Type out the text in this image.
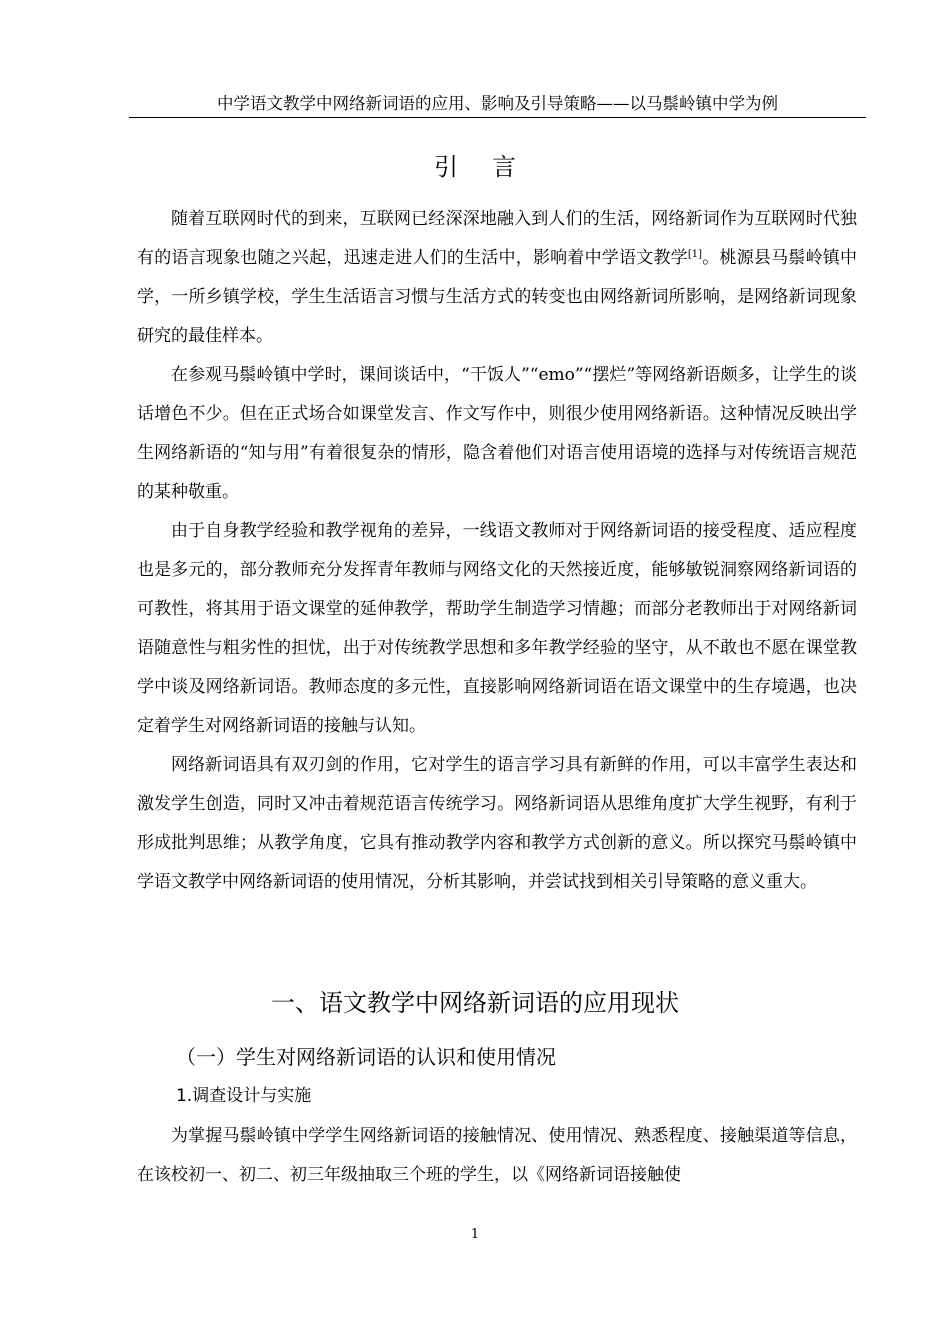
中学语文教学中网络新词语的应用、影响及引导策略——以马鬃岭镇中学为例
引言

随着互联网时代的到来，互联网已经深深地融入到人们的生活，网络新词作为互联网时代独有的语言现象也随之兴起，迅速走进人们的生活中，影响着中学语文教学[1]。桃源县马鬃岭镇中学，一所乡镇学校，学生生活语言习惯与生活方式的转变也由网络新词所影响，是网络新词现象研究的最佳样本。

在参观马鬃岭镇中学时，课间谈话中，“干饭人”“emo”“摆烂”等网络新语颇多，让学生的谈话增色不少。但在正式场合如课堂发言、作文写作中，则很少使用网络新语。这种情况反映出学生网络新语的“知与用”有着很复杂的情形，隐含着他们对语言使用语境的选择与对传统语言规范的某种敬重。

由于自身教学经验和教学视角的差异，一线语文教师对于网络新词语的接受程度、适应程度也是多元的，部分教师充分发挥青年教师与网络文化的天然接近度，能够敏锐洞察网络新词语的可教性，将其用于语文课堂的延伸教学，帮助学生制造学习情趣；而部分老教师出于对网络新词语随意性与粗劣性的担忧，出于对传统教学思想和多年教学经验的坚守，从不敢也不愿在课堂教学中谈及网络新词语。教师态度的多元性，直接影响网络新词语在语文课堂中的生存境遇，也决定着学生对网络新词语的接触与认知。

网络新词语具有双刃剑的作用，它对学生的语言学习具有新鲜的作用，可以丰富学生表达和激发学生创造，同时又冲击着规范语言传统学习。网络新词语从思维角度扩大学生视野，有利于形成批判思维；从教学角度，它具有推动教学内容和教学方式创新的意义。所以探究马鬃岭镇中学语文教学中网络新词语的使用情况，分析其影响，并尝试找到相关引导策略的意义重大。

一、语文教学中网络新词语的应用现状
（一）学生对网络新词语的认识和使用情况
1.调查设计与实施

为掌握马鬃岭镇中学学生网络新词语的接触情况、使用情况、熟悉程度、接触渠道等信息，在该校初一、初二、初三年级抽取三个班的学生，以《网络新词语接触使

1
